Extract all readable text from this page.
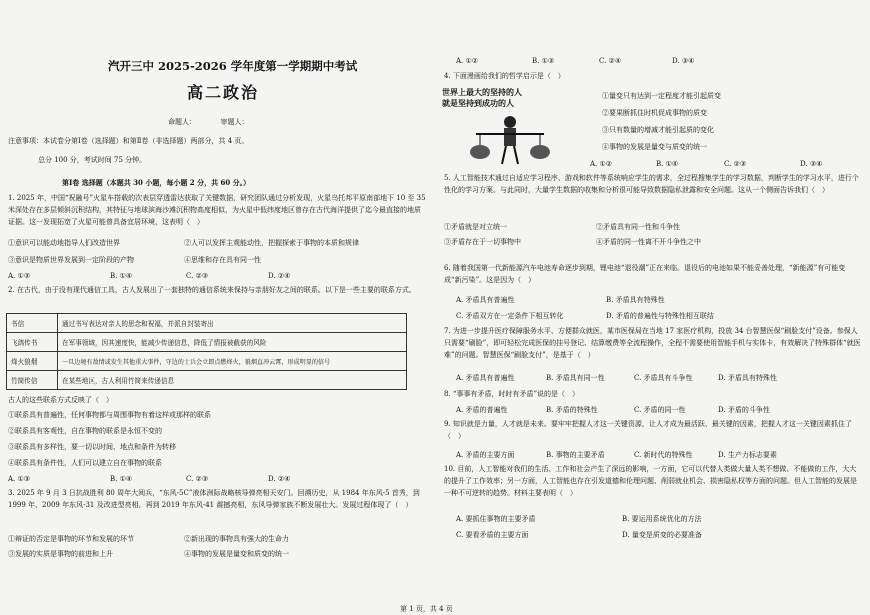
汽开三中 2025-2026 学年度第一学期期中考试
高二政治
命题人：　　　　审题人：
注意事项：本试卷分第Ⅰ卷（选择题）和第Ⅱ卷（非选择题）两部分，共 4 页。
总分 100 分，考试时间 75 分钟。
第Ⅰ卷 选择题（本题共 30 小题，每小题 2 分，共 60 分。）
1. 2025 年，中国“祝融号”火星车搭载的次表层穿透雷达获取了关键数据，研究团队通过分析发现，火星乌托邦平原南部地下 10 至 35 米深处存在多层倾斜沉积结构，其特征与地球滨海沙滩沉积物高度相似，为火星中低纬度地区曾存在古代海洋提供了迄今最直接的地质证据。这一发现拓宽了火星可能曾具备宜居环境，这表明（　）
①意识可以能动地指导人们改造世界	②人可以发挥主观能动性，把握探索于事物的本质和规律
③意识是物质世界发展到一定阶段的产物	④思维和存在具有同一性
A. ①③	B. ①④	C. ②③	D. ②④
2. 在古代，由于没有现代通信工具，古人发展出了一套独特的通信系统来保持与亲朋好友之间的联系。以下是一些主要的联系方式。
书信	通过书写表达对亲人的思念和祝福，并派自封装寄出
飞鸽传书	在军事领域，因其速度快，能减少传递信息，降低了情报被截获的风险
烽火狼烟	一旦边境有敌情或发生其他重大事件，守边的士兵会立即点燃烽火，狼烟直冲云霄，形成明显的信号
竹简传信	在某些地区，古人利用竹简来传递信息
古人的这些联系方式反映了（　）
①联系具有普遍性，任何事物都与周围事物有着这样或那样的联系
②联系具有客观性，自在事物的联系是永恒不变的
③联系具有多样性，要一切以时间、地点和条件为转移
④联系具有条件性，人们可以建立自在事物的联系
A. ①③	B. ①④	C. ②③	D. ②④
3. 2025 年 9 月 3 日抗战胜利 80 周年大阅兵，“东风-5C”液体洲际战略核导弹亮相天安门。回溯历史，从 1984 年东风-5 首秀，到 1999 年、2009 年东风-31 及改进型亮相，再到 2019 年东风-41 震撼亮相，东风导弹家族不断发展壮大。发展过程体现了（　）
①辩证的否定是事物的环节和发展的环节	②新出现的事物具有强大的生命力
③发展的实质是事物的前进和上升	④事物的发展是量变和质变的统一
A. ①②	B. ①③	C. ②④	D. ③④
4. 下面漫画给我们的哲学启示是（　）
世界上最大的坚持的人
就是坚持到成功的人
①量变只有达到一定程度才能引起质变
②要果断抓住时机促成事物的质变
③只有数量的增减才能引起质的变化
④事物的发展是量变与质变的统一
A. ①②	B. ①④	C. ②③	D. ③④
5. 人工智能技术通过自适应学习程序、游戏和软件等系统响应学生的需求，全过程搜集学生的学习数据，判断学生的学习水平，进行个性化的学习方案。与此同时，大量学生数据的收集和分析很可能导致数据隐私泄露和安全问题。这从一个侧面告诉我们（　）
①矛盾就是对立统一	②矛盾具有同一性和斗争性
③矛盾存在于一切事物中	④矛盾的同一性离不开斗争性之中
6. 随着我国第一代新能源汽车电池寿命逐步到期，锂电池“退役潮”正在来临。退役后的电池如果不能妥善处理，“新能源”有可能变成“新污染”。这是因为（　）
A. 矛盾具有普遍性	B. 矛盾具有特殊性
C. 矛盾双方在一定条件下相互转化	D. 矛盾的普遍性与特殊性相互联结
7. 为进一步提升医疗保障服务水平、方便群众就医，某市医保局在当地 17 家医疗机构，投放 34 台智慧医保“刷脸支付”设备。参保人只需要“刷脸”，即可轻松完成医保的挂号登记、结算缴费等全流程操作，全程不需要使用智能手机与实体卡，有效解决了特殊群体“就医难”的问题。智慧医保“刷脸支付”，是基于（　）
A. 矛盾具有普遍性	B. 矛盾具有同一性	C. 矛盾具有斗争性	D. 矛盾具有特殊性
8. “事事有矛盾，时时有矛盾”说的是（　）
A. 矛盾的普遍性	B. 矛盾的特殊性	C. 矛盾的同一性	D. 矛盾的斗争性
9. 知识就是力量，人才就是未来。要牢牢把握人才这一关键资源，让人才成为最活跃、最关键的因素，把握人才这一关键因素抓住了（　）
A. 矛盾的主要方面	B. 事物的主要矛盾	C. 新时代的特殊性	D. 生产力标志要素
10. 目前，人工智能对我们的生活、工作和社会产生了深远的影响，一方面，它可以代替人类做大量人类不想做、不能做的工作，大大的提升了工作效率；另一方面，人工智能也存在引发道德和伦理问题、削弱就业机会、损害隐私权等方面的问题。但人工智能的发展是一种不可逆转的趋势。材料主要表明（　）
A. 要抓住事物的主要矛盾	B. 要运用系统优化的方法
C. 要看矛盾的主要方面	D. 量变是质变的必要准备
第 1 页，共 4 页
